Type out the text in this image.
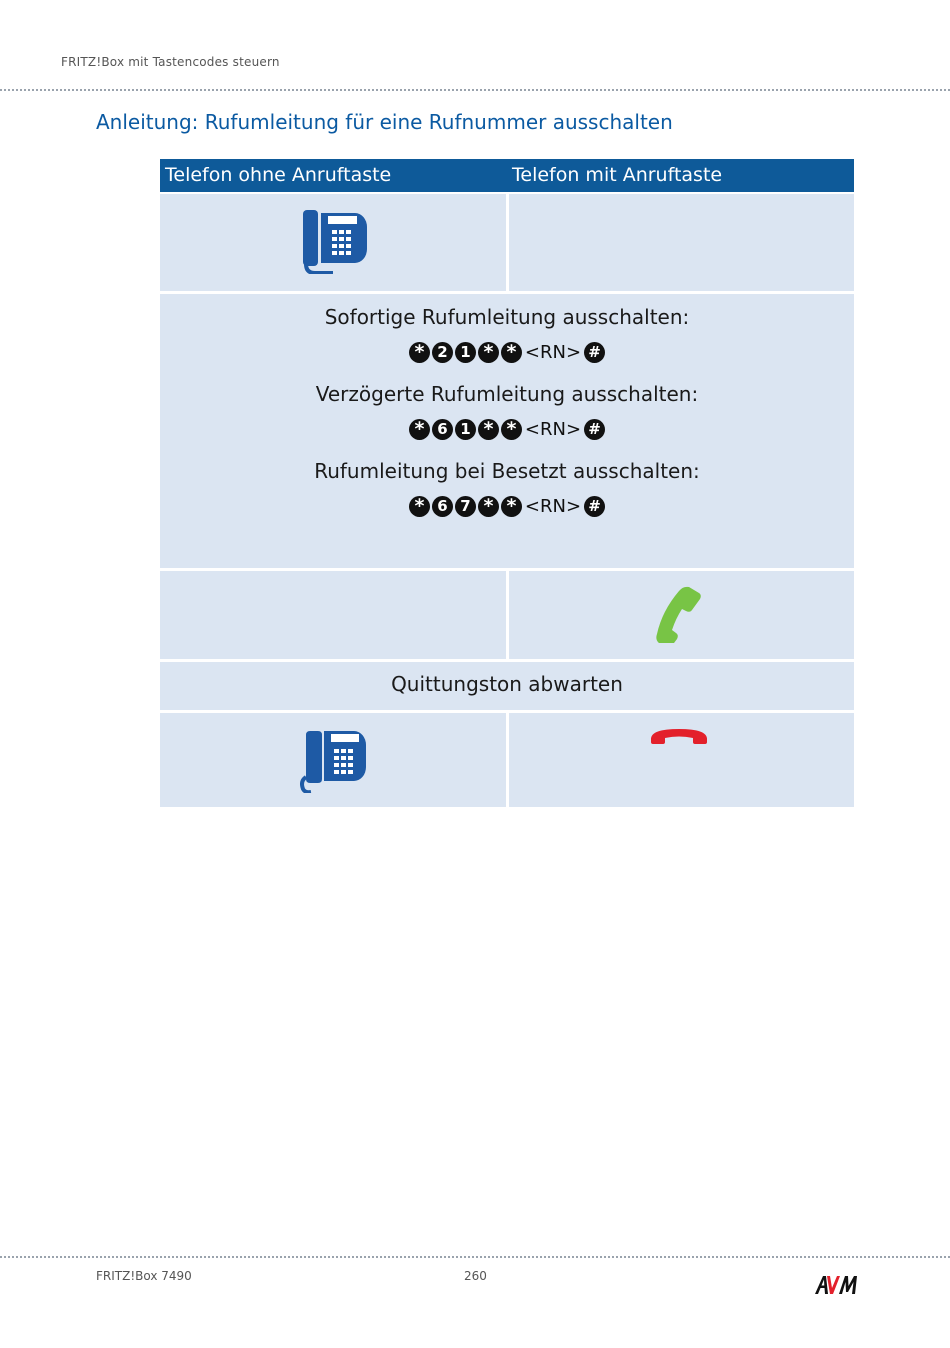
FRITZ!Box mit Tastencodes steuern
Anleitung: Rufumleitung für eine Rufnummer ausschalten
Telefon ohne Anruftaste	Telefon mit Anruftaste
Sofortige Rufumleitung ausschalten:
* 2 1 * * <RN> #
Verzögerte Rufumleitung ausschalten:
* 6 1 * * <RN> #
Rufumleitung bei Besetzt ausschalten:
* 6 7 * * <RN> #
Quittungston abwarten
FRITZ!Box 7490	260
